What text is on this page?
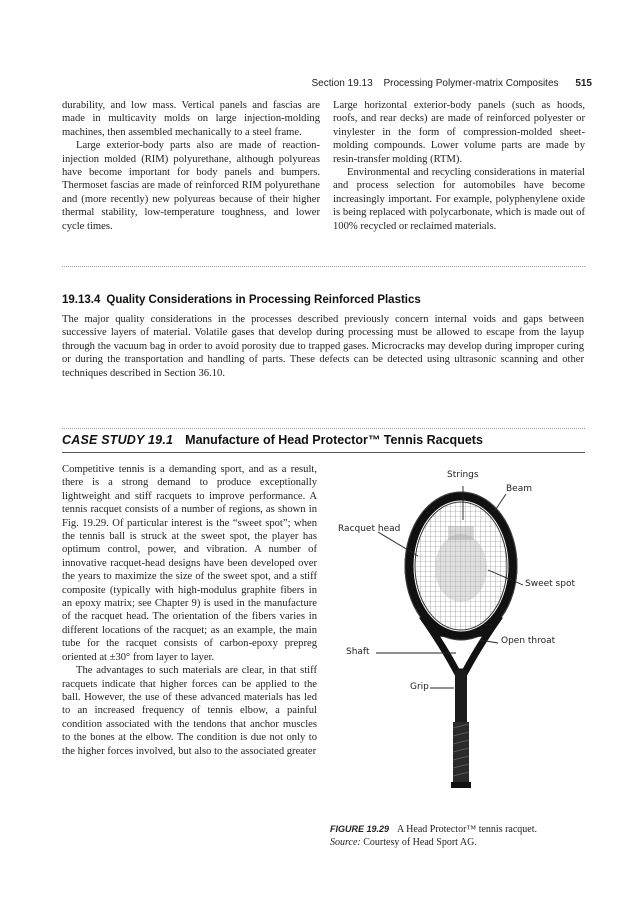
Section 19.13 Processing Polymer-matrix Composites 515

durability, and low mass. Vertical panels and fascias are made in multicavity molds on large injection-molding machines, then assembled mechanically to a steel frame.

Large exterior-body parts also are made of reaction-injection molded (RIM) polyurethane, although polyureas have become important for body panels and bumpers. Thermoset fascias are made of reinforced RIM polyurethane and (more recently) new polyureas because of their higher thermal stability, low-temperature toughness, and lower cycle times.

Large horizontal exterior-body panels (such as hoods, roofs, and rear decks) are made of reinforced polyester or vinylester in the form of compression-molded sheet-molding compounds. Lower volume parts are made by resin-transfer molding (RTM).

Environmental and recycling considerations in material and process selection for automobiles have become increasingly important. For example, polyphenylene oxide is being replaced with polycarbonate, which is made out of 100% recycled or reclaimed materials.

19.13.4 Quality Considerations in Processing Reinforced Plastics

The major quality considerations in the processes described previously concern internal voids and gaps between successive layers of material. Volatile gases that develop during processing must be allowed to escape from the layup through the vacuum bag in order to avoid porosity due to trapped gases. Microcracks may develop during improper curing or during the transportation and handling of parts. These defects can be detected using ultrasonic scanning and other techniques described in Section 36.10.

CASE STUDY 19.1 Manufacture of Head Protector™ Tennis Racquets

Competitive tennis is a demanding sport, and as a result, there is a strong demand to produce exceptionally lightweight and stiff racquets to improve performance. A tennis racquet consists of a number of regions, as shown in Fig. 19.29. Of particular interest is the “sweet spot”; when the tennis ball is struck at the sweet spot, the player has optimum control, power, and vibration. A number of innovative racquet-head designs have been developed over the years to maximize the size of the sweet spot, and a stiff composite (typically with high-modulus graphite fibers in an epoxy matrix; see Chapter 9) is used in the manufacture of the racquet head. The orientation of the fibers varies in different locations of the racquet; as an example, the main tube for the racquet consists of carbon-epoxy prepreg oriented at ±30° from layer to layer.

The advantages to such materials are clear, in that stiff racquets indicate that higher forces can be applied to the ball. However, the use of these advanced materials has led to an increased frequency of tennis elbow, a painful condition associated with the tendons that anchor muscles to the bones at the elbow. The condition is due not only to the higher forces involved, but also to the associated greater

Strings
Beam
Racquet head
Sweet spot
Shaft
Open throat
Grip
FIGURE 19.29 A Head Protector™ tennis racquet.
Source: Courtesy of Head Sport AG.
